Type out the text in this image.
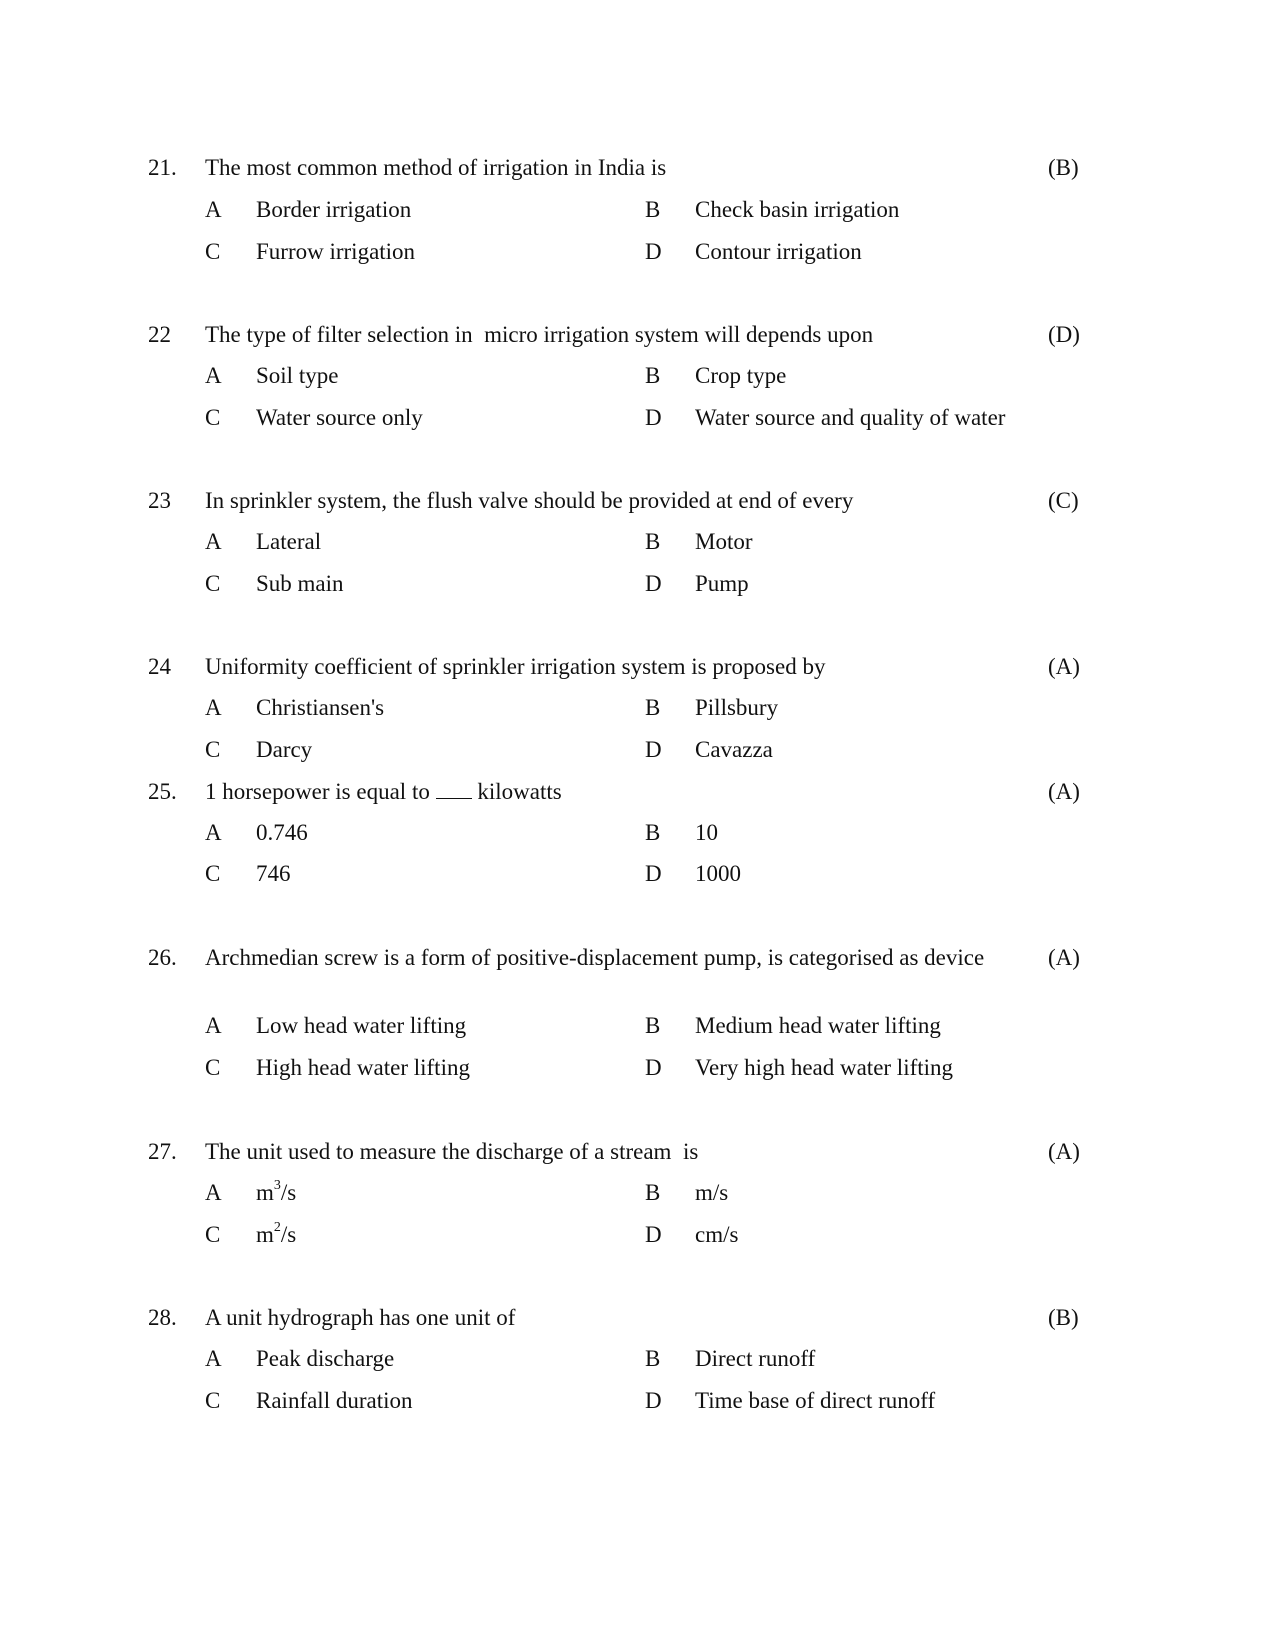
21. The most common method of irrigation in India is	(B)
A Border irrigation	B Check basin irrigation
C Furrow irrigation	D Contour irrigation
22 The type of filter selection in  micro irrigation system will depends upon	(D)
A Soil type	B Crop type
C Water source only	D Water source and quality of water
23 In sprinkler system, the flush valve should be provided at end of every	(C)
A Lateral	B Motor
C Sub main	D Pump
24 Uniformity coefficient of sprinkler irrigation system is proposed by	(A)
A Christiansen's	B Pillsbury
C Darcy	D Cavazza
25. 1 horsepower is equal to kilowatts	(A)
A 0.746	B 10
C 746	D 1000
26. Archmedian screw is a form of positive-displacement pump, is categorised as device	(A)
A Low head water lifting	B Medium head water lifting
C High head water lifting	D Very high head water lifting
27. The unit used to measure the discharge of a stream  is	(A)
A $m^3/s$	B m/s
C $m^2/s$	D cm/s
28. A unit hydrograph has one unit of	(B)
A Peak discharge	B Direct runoff
C Rainfall duration	D Time base of direct runoff
